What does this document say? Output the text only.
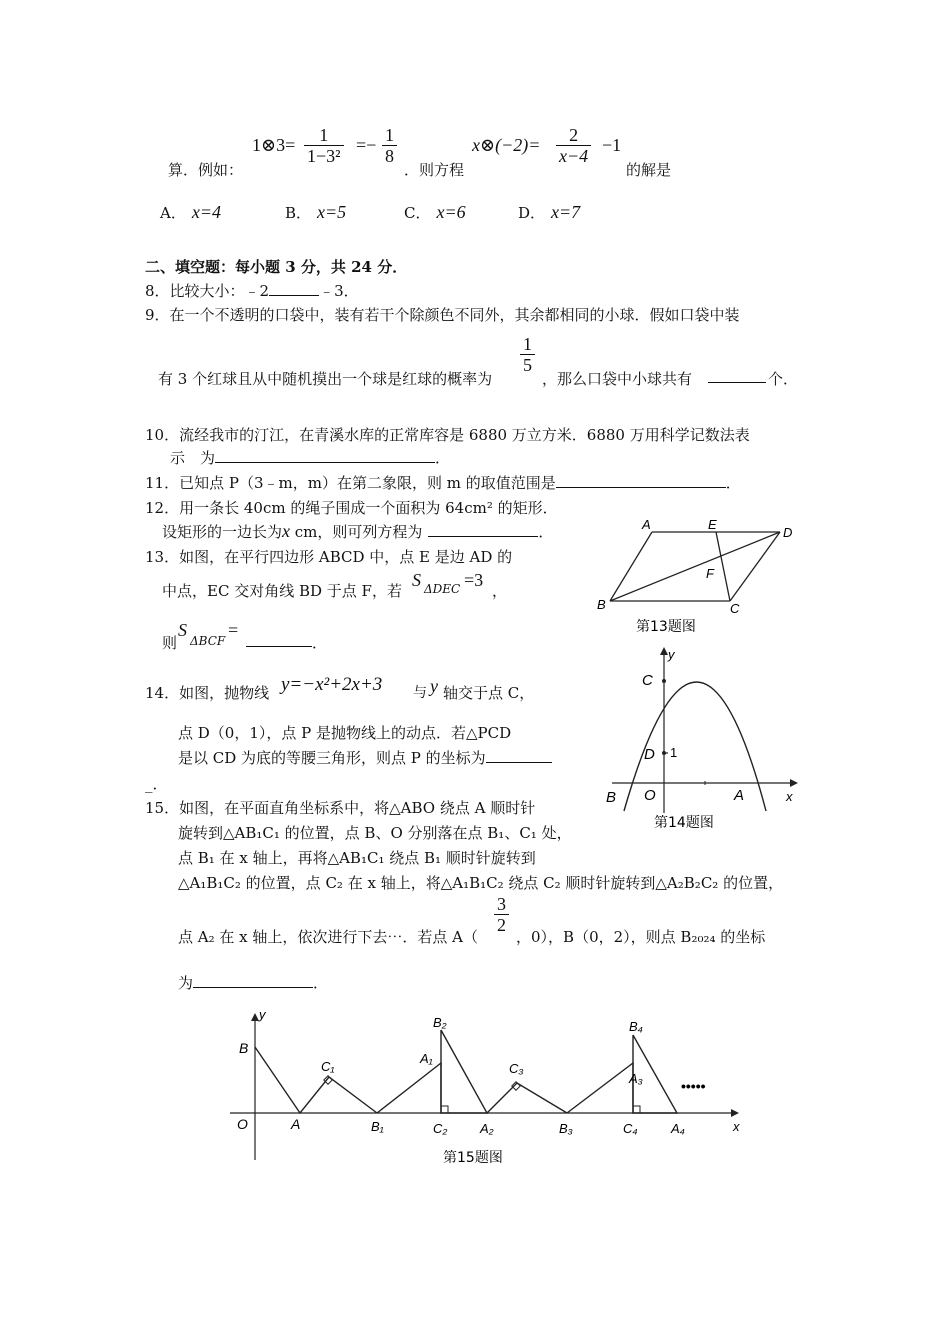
算．例如：
1⊗3= $\frac{1}{\text{1−3²}} =- \frac{1}{8}$
．则方程
x⊗(−2)= $\frac{2}{x-4} -1$
的解是
A． x=4	B． x=5	C． x=6	D． x=7
二、填空题：每小题 3 分，共 24 分．
8．比较大小：﹣2	﹣3．
9．在一个不透明的口袋中，装有若干个除颜色不同外，其余都相同的小球．假如口袋中装
有 3 个红球且从中随机摸出一个球是红球的概率为
$\frac{1}{5}$
，那么口袋中小球共有	个．
10．流经我市的汀江，在青溪水库的正常库容是 6880 万立方米．6880 万用科学记数法表
示　为	．
11．已知点 P（3﹣m，m）在第二象限，则 m 的取值范围是	．
12．用一条长 40cm 的绳子围成一个面积为 64cm² 的矩形．
设矩形的一边长为x cm，则可列方程为	．
13．如图，在平行四边形 ABCD 中，点 E 是边 AD 的
中点，EC 交对角线 BD 于点 F，若
S ΔDEC =3
，
则
S
ΔBCF
=
．
A	E
D
F
B	C
第13题图
14．如图，抛物线 y=−x²+2x+3 与 y 轴交于点 C，
点 D（0，1），点 P 是抛物线上的动点．若△PCD
是以 CD 为底的等腰三角形，则点 P 的坐标为
_．
y
C
D 1
B O	A	x
第14题图
15．如图，在平面直角坐标系中，将△ABO 绕点 A 顺时针
旋转到△AB₁C₁ 的位置，点 B、O 分别落在点 B₁、C₁ 处，
点 B₁ 在 x 轴上，再将△AB₁C₁ 绕点 B₁ 顺时针旋转到
△A₁B₁C₂ 的位置，点 C₂ 在 x 轴上，将△A₁B₁C₂ 绕点 C₂ 顺时针旋转到△A₂B₂C₂ 的位置，
点 A₂ 在 x 轴上，依次进行下去⋯．若点 A（
$\frac{3}{2}$
，0），B（0，2），则点 B₂₀₂₄ 的坐标
为	．
y
B
O	A
C₁
B₁
B₂
A₁
C₂	A₂
C₃
B₃
B₄
A₃
C₄	A₄	x
•••••
第15题图
